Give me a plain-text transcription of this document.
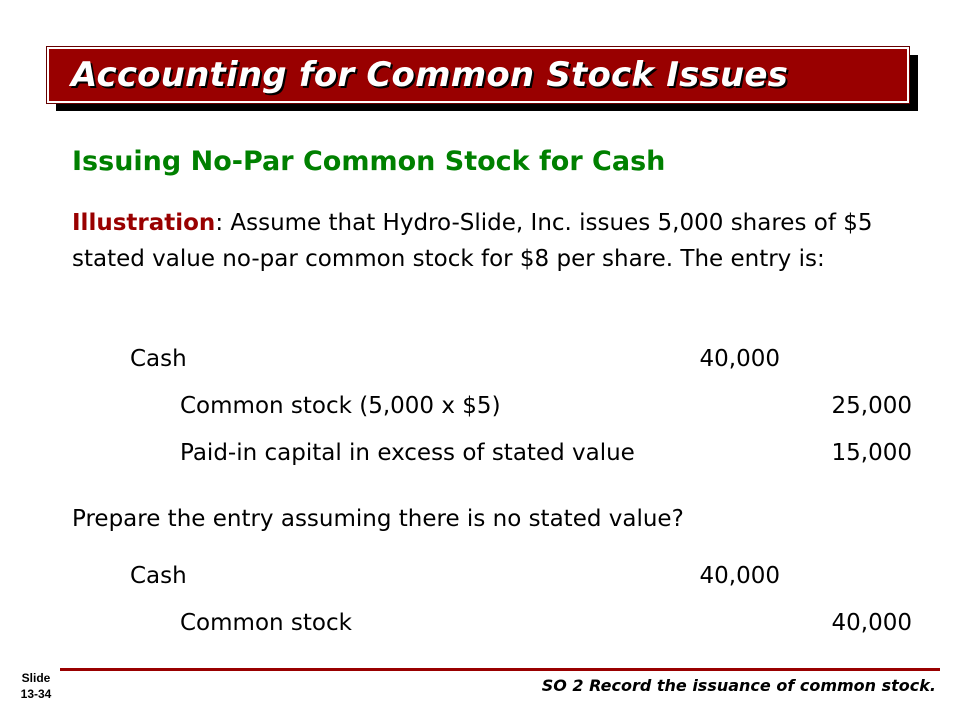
Accounting for Common Stock Issues
Issuing No-Par Common Stock for Cash
Illustration: Assume that Hydro-Slide, Inc. issues 5,000 shares of $5 stated value no-par common stock for $8 per share. The entry is:
Cash	40,000
Common stock (5,000 x $5)	25,000
Paid-in capital in excess of stated value	15,000
Prepare the entry assuming there is no stated value?
Cash	40,000
Common stock	40,000
Slide
13-34	SO 2 Record the issuance of common stock.
